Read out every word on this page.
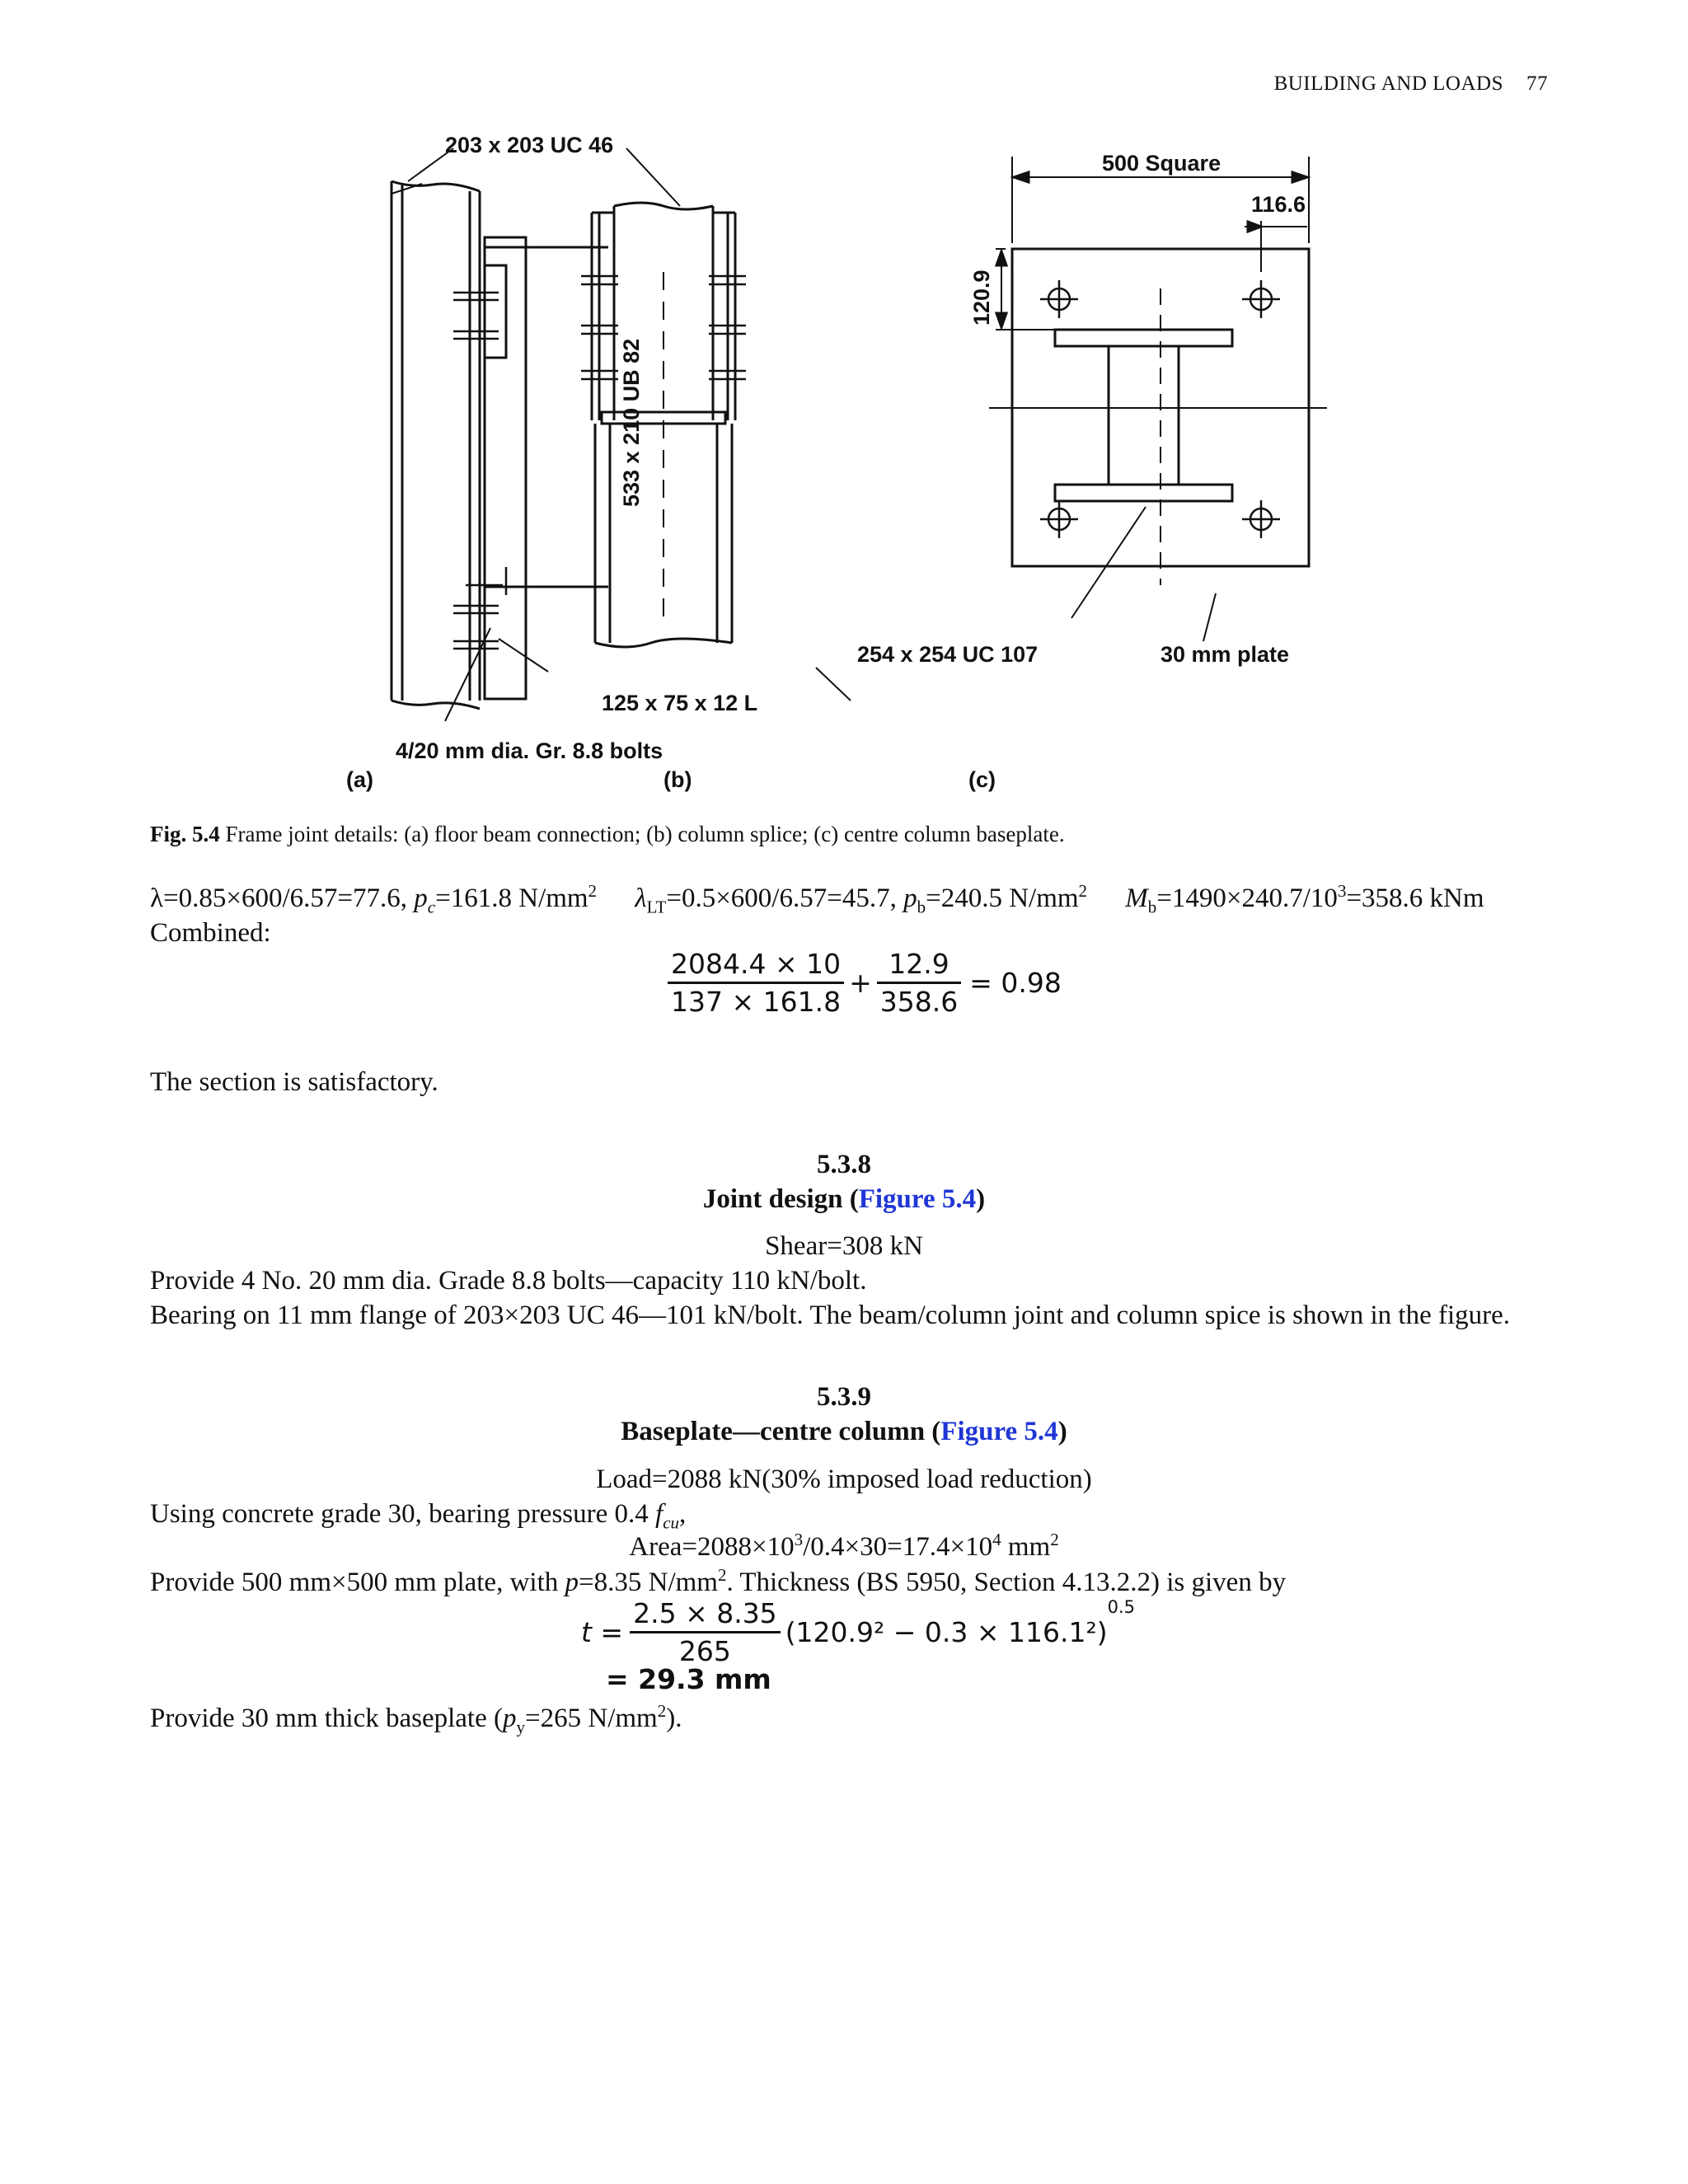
BUILDING AND LOADS 77
203 x 203 UC 46
533 x 210 UB 82
125 x 75 x 12 L
4/20 mm dia. Gr. 8.8 bolts
254 x 254 UC 107
500 Square
116.6
120.9
30 mm plate
(a)	(b)	(c)
Fig. 5.4 Frame joint details: (a) floor beam connection; (b) column splice; (c) centre column baseplate.
λ=0.85×600/6.57=77.6, $p_c=161.8$ $N/mm^2$ $\lambda_{LT}=0.5\times 600/6.57=45.7$, $p_b=240.5$ $N/mm^2$ $M_b=1490\times 240.7/10^3=358.6$ kNm
Combined:
$\frac{2084.4 \times 10}{137 \times 161.8} + \frac{12.9}{358.6} = 0.98$
The section is satisfactory.
5.3.8
Joint design (Figure 5.4)
Shear=308 kN
Provide 4 No. 20 mm dia. Grade 8.8 bolts—capacity 110 kN/bolt.
Bearing on 11 mm flange of 203×203 UC 46—101 kN/bolt. The beam/column joint and column spice is shown in the figure.
5.3.9
Baseplate—centre column (Figure 5.4)
Load=2088 kN(30% imposed load reduction)
Using concrete grade 30, bearing pressure 0.4 $f_{cu}$,
$Area=2088\times 10^3/0.4\times 30=17.4\times 10^4$ $mm^2$
Provide 500 mm×500 mm plate, with p=8.35 $N/mm^2$. Thickness (BS 5950, Section 4.13.2.2) is given by
$t = \frac{2.5 \times 8.35}{265} (120.9^2 - 0.3 \times 116.1^2)$
0.5
= 29.3 mm
Provide 30 mm thick baseplate ($p_y=265$ $N/mm^2$).
